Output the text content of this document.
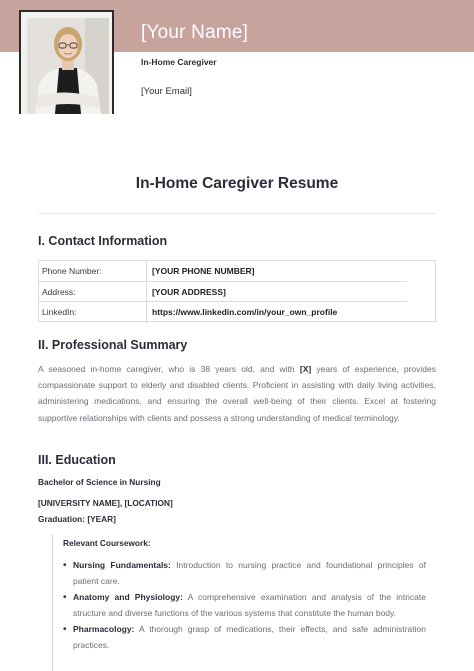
[Your Name]
In-Home Caregiver
[Your Email]
In-Home Caregiver Resume
I. Contact Information
Phone Number:	[YOUR PHONE NUMBER]
Address:	[YOUR ADDRESS]
LinkedIn:	https://www.linkedin.com/in/your_own_profile
II. Professional Summary
A seasoned in-home caregiver, who is 38 years old, and with [X] years of experience, provides compassionate support to elderly and disabled clients. Proficient in assisting with daily living activities, administering medications, and ensuring the overall well-being of their clients. Excel at fostering supportive relationships with clients and possess a strong understanding of medical terminology.
III. Education
Bachelor of Science in Nursing
[UNIVERSITY NAME], [LOCATION]
Graduation: [YEAR]
Relevant Coursework:
• Nursing Fundamentals: Introduction to nursing practice and foundational principles of patient care.
• Anatomy and Physiology: A comprehensive examination and analysis of the intricate structure and diverse functions of the various systems that constitute the human body.
• Pharmacology: A thorough grasp of medications, their effects, and safe administration practices.
